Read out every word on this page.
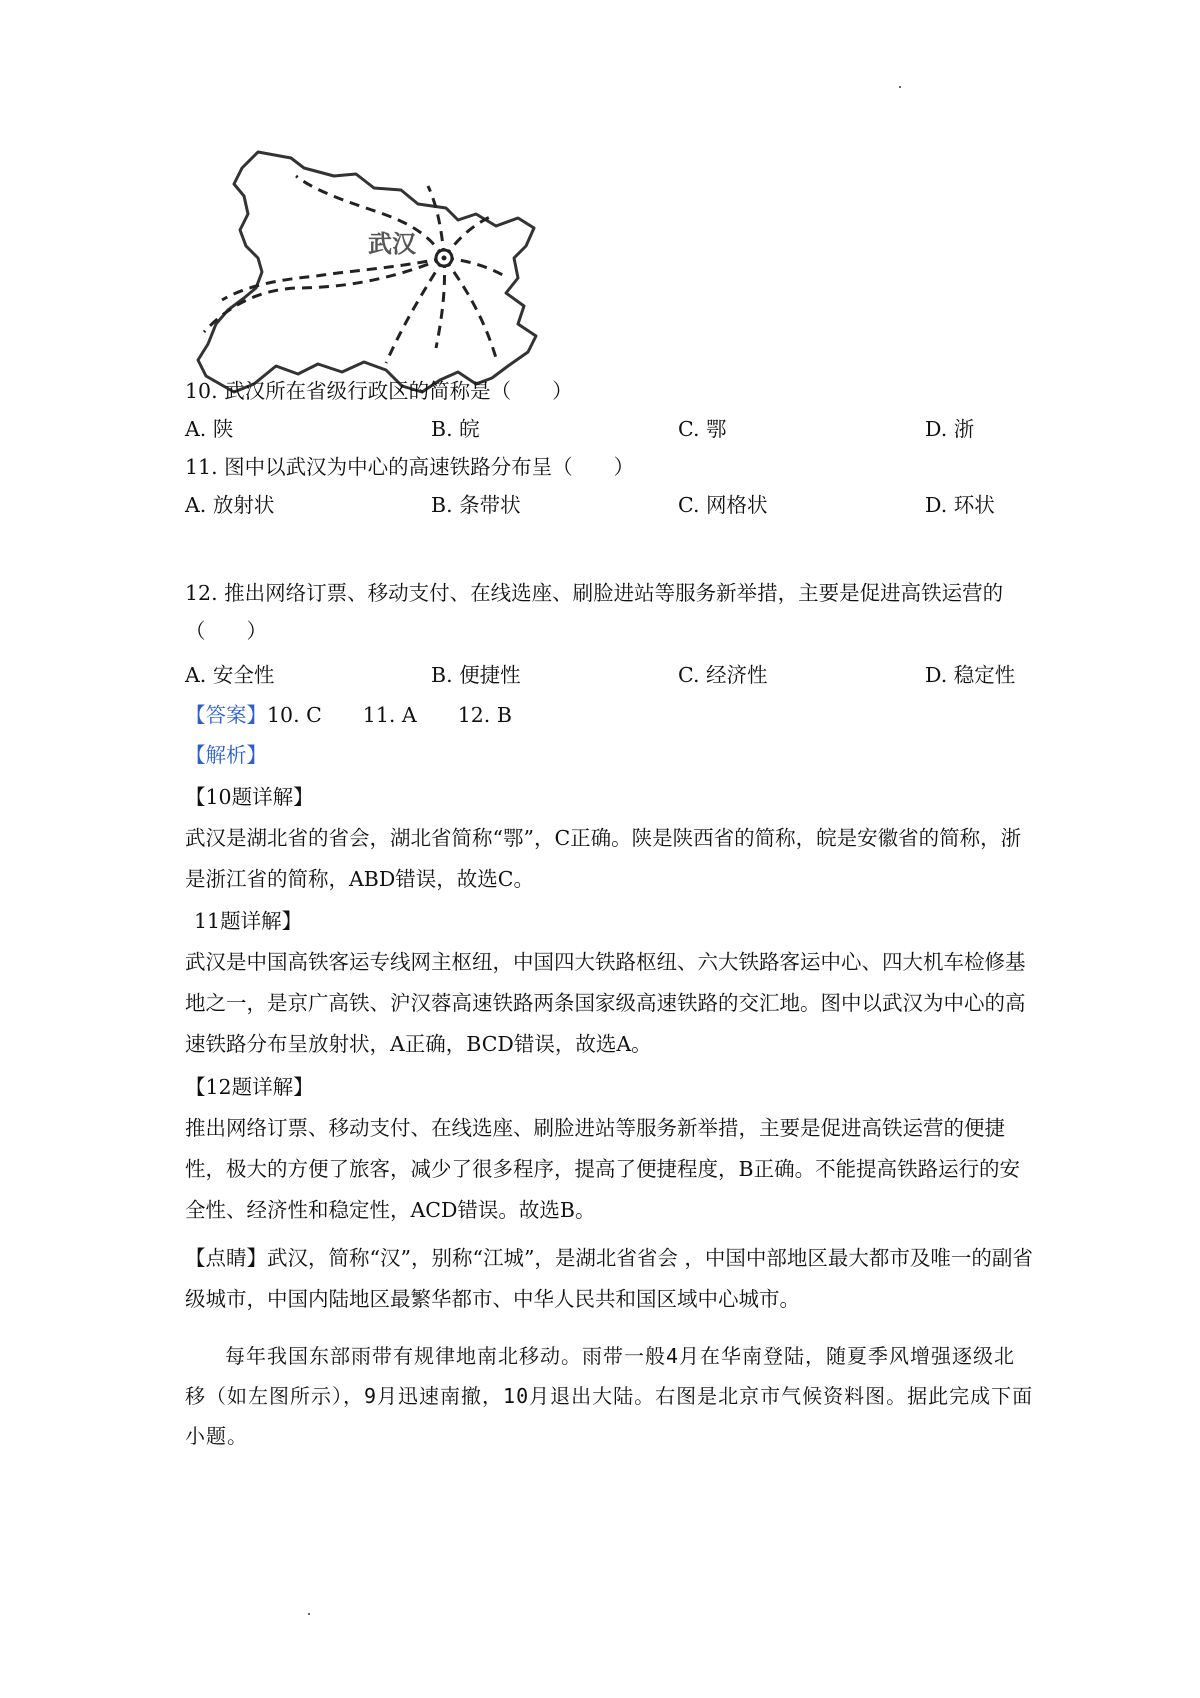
武汉
10. 武汉所在省级行政区的简称是（　　）
A. 陕	B. 皖	C. 鄂	D. 浙
11. 图中以武汉为中心的高速铁路分布呈（　　）
A. 放射状	B. 条带状	C. 网格状	D. 环状
12. 推出网络订票、移动支付、在线选座、刷脸进站等服务新举措，主要是促进高铁运营的
（　　）
A. 安全性	B. 便捷性	C. 经济性	D. 稳定性
【答案】10. C　　11. A　　12. B
【解析】
【10题详解】
武汉是湖北省的省会，湖北省简称“鄂”，C正确。陕是陕西省的简称，皖是安徽省的简称，浙是浙江省的简称，ABD错误，故选C。
11题详解】
武汉是中国高铁客运专线网主枢纽，中国四大铁路枢纽、六大铁路客运中心、四大机车检修基地之一，是京广高铁、沪汉蓉高速铁路两条国家级高速铁路的交汇地。图中以武汉为中心的高速铁路分布呈放射状，A正确，BCD错误，故选A。
【12题详解】
推出网络订票、移动支付、在线选座、刷脸进站等服务新举措，主要是促进高铁运营的便捷性，极大的方便了旅客，减少了很多程序，提高了便捷程度，B正确。不能提高铁路运行的安全性、经济性和稳定性，ACD错误。故选B。
【点睛】武汉，简称“汉”，别称“江城”，是湖北省省会 ，中国中部地区最大都市及唯一的副省级城市，中国内陆地区最繁华都市、中华人民共和国区域中心城市。
每年我国东部雨带有规律地南北移动。雨带一般4月在华南登陆，随夏季风增强逐级北移（如左图所示），9月迅速南撤，10月退出大陆。右图是北京市气候资料图。据此完成下面小题。
